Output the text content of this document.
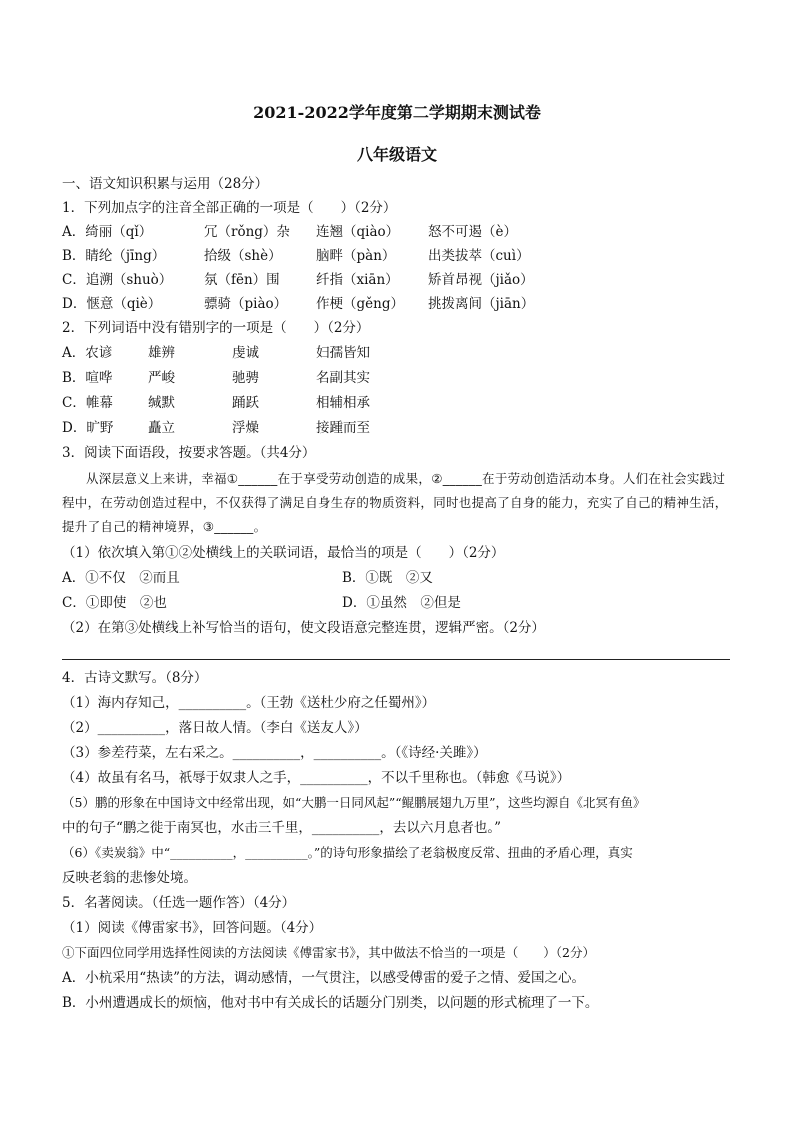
2021-2022学年度第二学期期末测试卷
八年级语文
一、语文知识积累与运用（28分）
1．下列加点字的注音全部正确的一项是（　　）（2分）
A．绮丽（qǐ）	冗（rǒng）杂 连翘（qiào） 怒不可遏（è）
B．睛纶（jīng）	拾级（shè）	脑畔（pàn） 出类拔萃（cuì）
C．追溯（shuò） 氛（fēn）围	纤指（xiān） 矫首昂视（jiǎo）
D．惬意（qiè）	骠骑（piào） 作梗（gěng） 挑拨离间（jiān）
2．下列词语中没有错别字的一项是（　　）（2分）
A．农谚	雄辨	虔诚	妇孺皆知
B．喧哗	严峻	驰骋	名副其实
C．帷幕	缄默	踊跃	相辅相承
D．旷野	矗立	浮燥	接踵而至
3．阅读下面语段，按要求答题。（共4分）
从深层意义上来讲，幸福①______在于享受劳动创造的成果，②______在于劳动创造活动本身。人们在社会实践过程中，在劳动创造过程中，不仅获得了满足自身生存的物质资料，同时也提高了自身的能力，充实了自己的精神生活，提升了自己的精神境界，③______。
（1）依次填入第①②处横线上的关联词语，最恰当的项是（　　）（2分）
A．①不仅　②而且	B．①既　②又
C．①即使　②也	D．①虽然　②但是
（2）在第③处横线上补写恰当的语句，使文段语意完整连贯，逻辑严密。（2分）
4．古诗文默写。（8分）
（1）海内存知己，__________。（王勃《送杜少府之任蜀州》）
（2）__________，落日故人情。（李白《送友人》）
（3）参差荇菜，左右采之。__________，__________。（《诗经·关雎》）
（4）故虽有名马，祇辱于奴隶人之手，__________，不以千里称也。（韩愈《马说》）
（5）鹏的形象在中国诗文中经常出现，如“大鹏一日同风起”“鲲鹏展翅九万里”，这些均源自《北冥有鱼》
中的句子“鹏之徙于南冥也，水击三千里，__________，去以六月息者也。”
（6）《卖炭翁》中“__________，__________。”的诗句形象描绘了老翁极度反常、扭曲的矛盾心理，真实
反映老翁的悲惨处境。
5．名著阅读。（任选一题作答）（4分）
（1）阅读《傅雷家书》，回答问题。（4分）
①下面四位同学用选择性阅读的方法阅读《傅雷家书》，其中做法不恰当的一项是（　　）（2分）
A．小杭采用“热读”的方法，调动感情，一气贯注，以感受傅雷的爱子之情、爱国之心。
B．小州遭遇成长的烦恼，他对书中有关成长的话题分门别类，以问题的形式梳理了一下。
